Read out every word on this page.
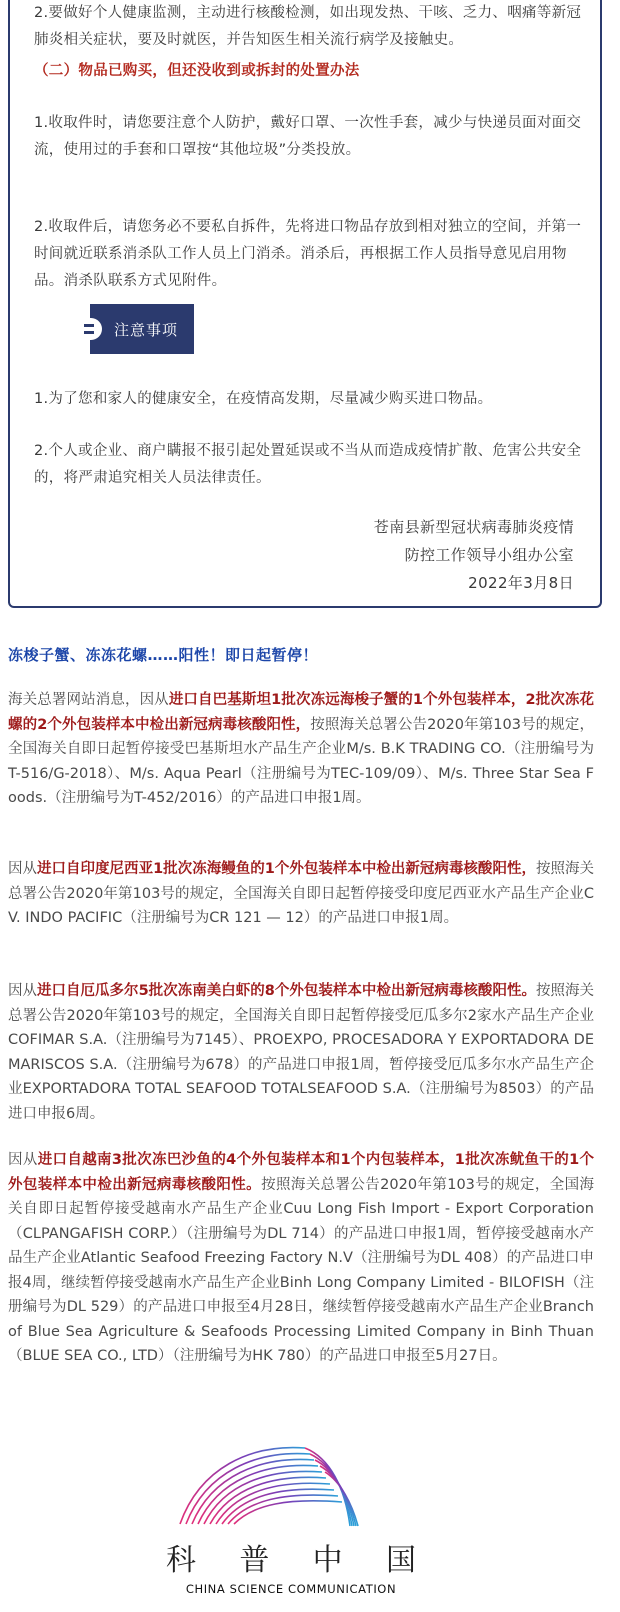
2.要做好个人健康监测，主动进行核酸检测，如出现发热、干咳、乏力、咽痛等新冠肺炎相关症状，要及时就医，并告知医生相关流行病学及接触史。

（二）物品已购买，但还没收到或拆封的处置办法

1.收取件时，请您要注意个人防护，戴好口罩、一次性手套，减少与快递员面对面交流，使用过的手套和口罩按“其他垃圾”分类投放。

2.收取件后，请您务必不要私自拆件，先将进口物品存放到相对独立的空间，并第一时间就近联系消杀队工作人员上门消杀。消杀后，再根据工作人员指导意见启用物品。消杀队联系方式见附件。

注意事项

1.为了您和家人的健康安全，在疫情高发期，尽量减少购买进口物品。

2.个人或企业、商户瞒报不报引起处置延误或不当从而造成疫情扩散、危害公共安全的，将严肃追究相关人员法律责任。

苍南县新型冠状病毒肺炎疫情
防控工作领导小组办公室
2022年3月8日

冻梭子蟹、冻冻花螺……阳性！即日起暂停！

海关总署网站消息，因从进口自巴基斯坦1批次冻远海梭子蟹的1个外包装样本，2批次冻花螺的2个外包装样本中检出新冠病毒核酸阳性，按照海关总署公告2020年第103号的规定，全国海关自即日起暂停接受巴基斯坦水产品生产企业M/s. B.K TRADING CO.（注册编号为T-516/G-2018）、M/s. Aqua Pearl（注册编号为TEC-109/09）、M/s. Three Star Sea Foods.（注册编号为T-452/2016）的产品进口申报1周。

因从进口自印度尼西亚1批次冻海鳗鱼的1个外包装样本中检出新冠病毒核酸阳性，按照海关总署公告2020年第103号的规定，全国海关自即日起暂停接受印度尼西亚水产品生产企业CV. INDO PACIFIC（注册编号为CR 121 — 12）的产品进口申报1周。

因从进口自厄瓜多尔5批次冻南美白虾的8个外包装样本中检出新冠病毒核酸阳性。按照海关总署公告2020年第103号的规定，全国海关自即日起暂停接受厄瓜多尔2家水产品生产企业COFIMAR S.A.（注册编号为7145）、PROEXPO, PROCESADORA Y EXPORTADORA DE MARISCOS S.A.（注册编号为678）的产品进口申报1周，暂停接受厄瓜多尔水产品生产企业EXPORTADORA TOTAL SEAFOOD TOTALSEAFOOD S.A.（注册编号为8503）的产品进口申报6周。

因从进口自越南3批次冻巴沙鱼的4个外包装样本和1个内包装样本，1批次冻鱿鱼干的1个外包装样本中检出新冠病毒核酸阳性。按照海关总署公告2020年第103号的规定，全国海关自即日起暂停接受越南水产品生产企业Cuu Long Fish Import - Export Corporation（CLPANGAFISH CORP.）（注册编号为DL 714）的产品进口申报1周，暂停接受越南水产品生产企业Atlantic Seafood Freezing Factory N.V（注册编号为DL 408）的产品进口申报4周，继续暂停接受越南水产品生产企业Binh Long Company Limited - BILOFISH（注册编号为DL 529）的产品进口申报至4月28日，继续暂停接受越南水产品生产企业Branch of Blue Sea Agriculture & Seafoods Processing Limited Company in Binh Thuan（BLUE SEA CO., LTD）（注册编号为HK 780）的产品进口申报至5月27日。

科 普 中 国
CHINA SCIENCE COMMUNICATION
